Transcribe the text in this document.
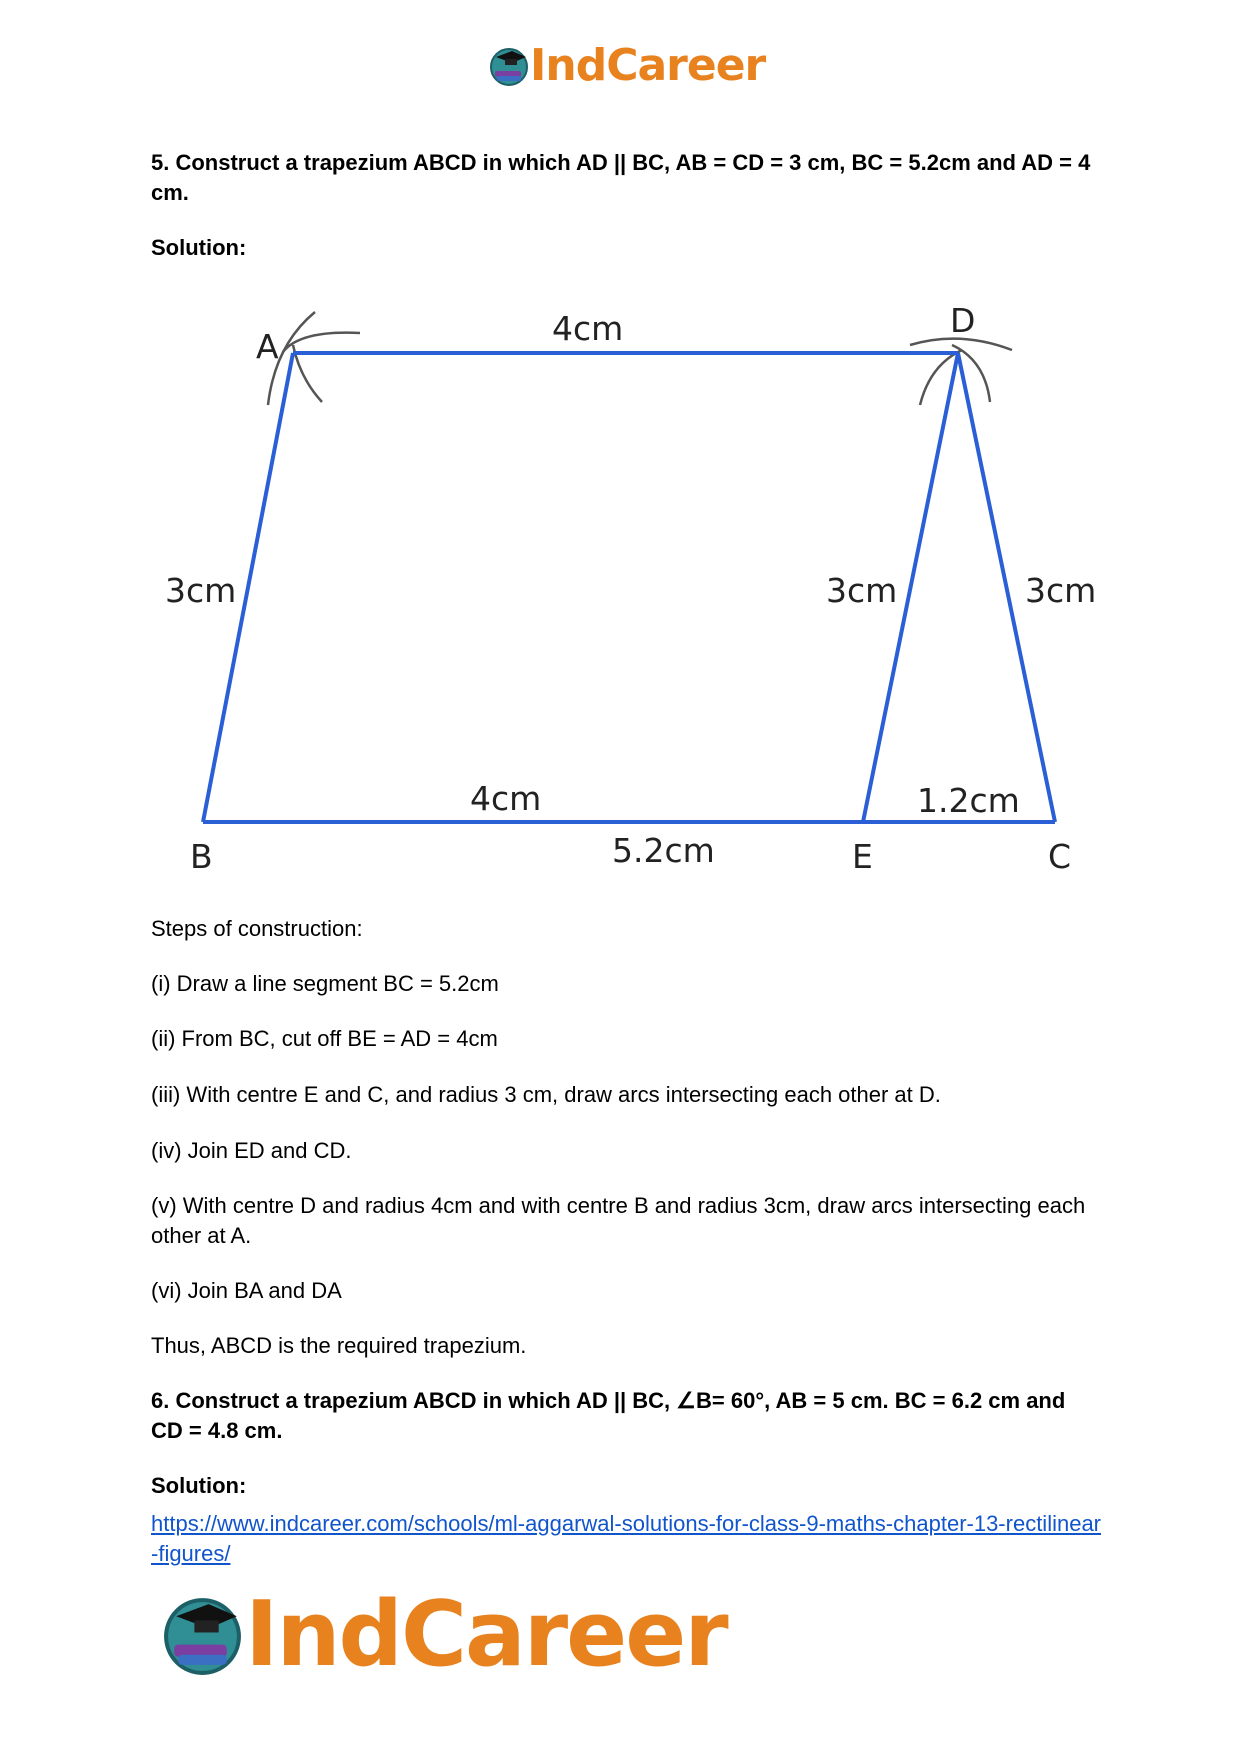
IndCareer
5. Construct a trapezium ABCD in which AD || BC, AB = CD = 3 cm, BC = 5.2cm and AD = 4 cm.
Solution:
A
D
B	E	C
4cm
3cm	3cm	3cm
4cm
5.2cm
1.2cm
Steps of construction:
(i) Draw a line segment BC = 5.2cm
(ii) From BC, cut off BE = AD = 4cm
(iii) With centre E and C, and radius 3 cm, draw arcs intersecting each other at D.
(iv) Join ED and CD.
(v) With centre D and radius 4cm and with centre B and radius 3cm, draw arcs intersecting each other at A.
(vi) Join BA and DA
Thus, ABCD is the required trapezium.
6. Construct a trapezium ABCD in which AD || BC, ∠B= 60°, AB = 5 cm. BC = 6.2 cm and CD = 4.8 cm.
Solution:
https://www.indcareer.com/schools/ml-aggarwal-solutions-for-class-9-maths-chapter-13-rectilinear-figures/
IndCareer
